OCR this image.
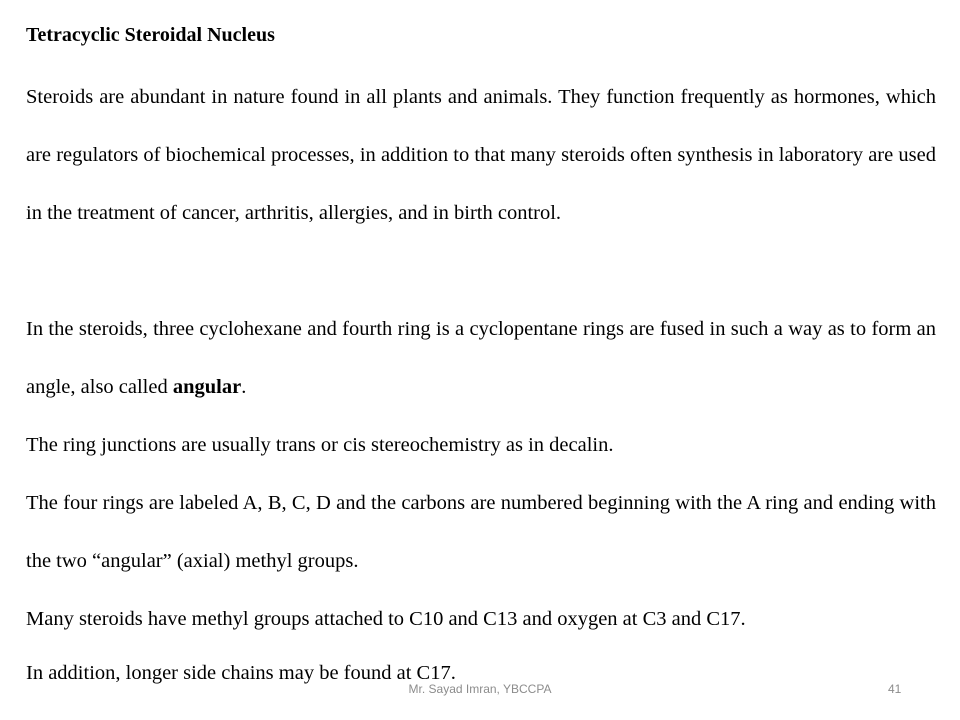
Tetracyclic Steroidal Nucleus

Steroids are abundant in nature found in all plants and animals. They function frequently as hormones, which are regulators of biochemical processes, in addition to that many steroids often synthesis in laboratory are used in the treatment of cancer, arthritis, allergies, and in birth control.

In the steroids, three cyclohexane and fourth ring is a cyclopentane rings are fused in such a way as to form an angle, also called angular.

The ring junctions are usually trans or cis stereochemistry as in decalin.

The four rings are labeled A, B, C, D and the carbons are numbered beginning with the A ring and ending with the two “angular” (axial) methyl groups.

Many steroids have methyl groups attached to C10 and C13 and oxygen at C3 and C17.

In addition, longer side chains may be found at C17.

Mr. Sayad Imran, YBCCPA	41
